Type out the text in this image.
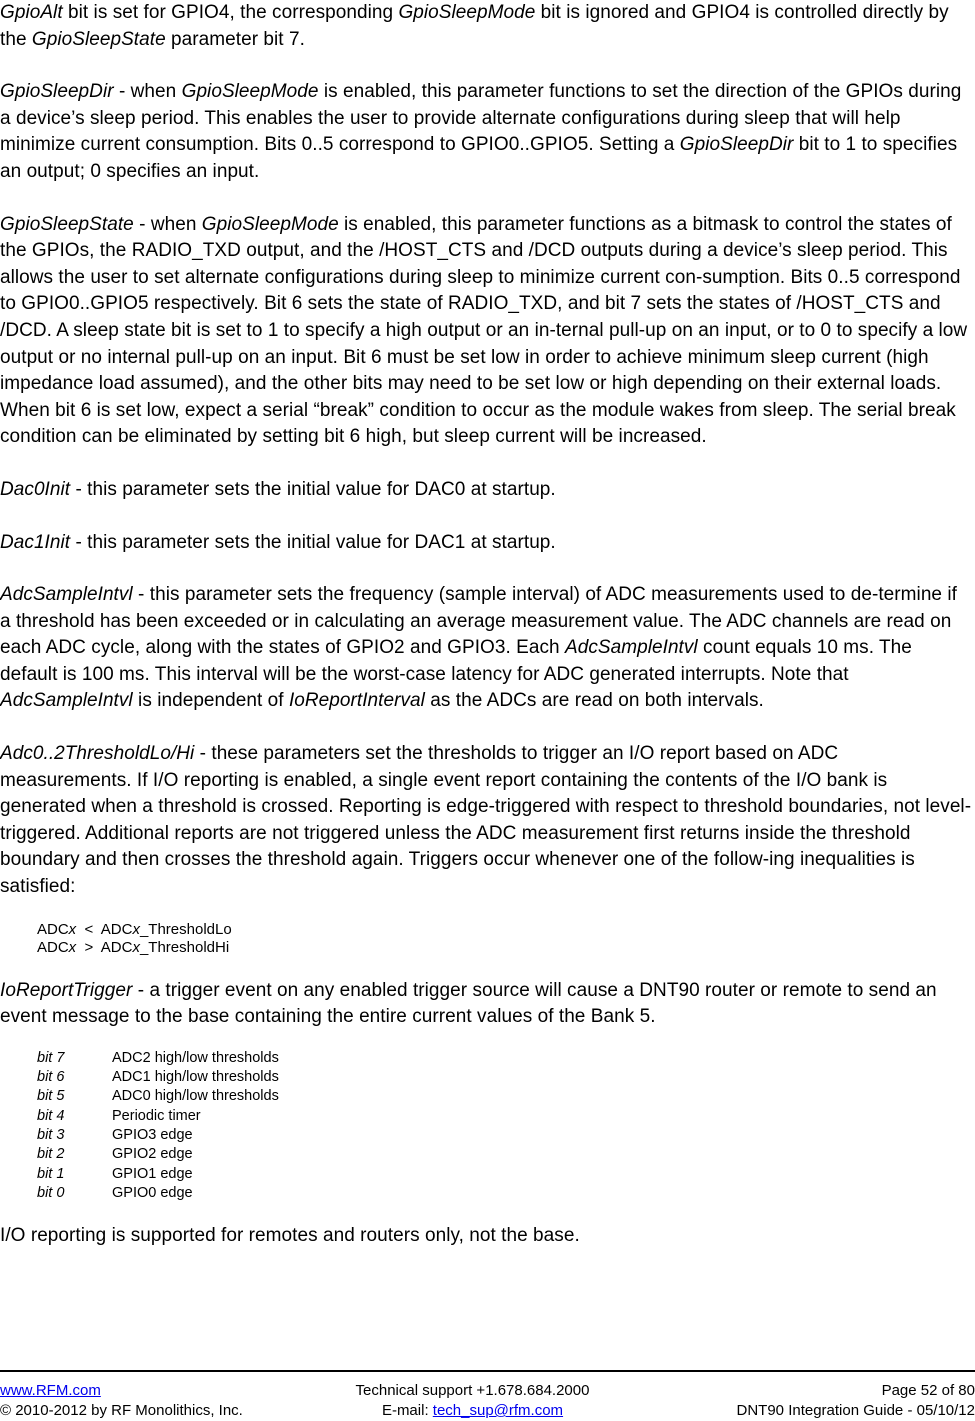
GpioAlt bit is set for GPIO4, the corresponding GpioSleepMode bit is ignored and GPIO4 is controlled directly by the GpioSleepState parameter bit 7.

GpioSleepDir - when GpioSleepMode is enabled, this parameter functions to set the direction of the GPIOs during a device’s sleep period. This enables the user to provide alternate configurations during sleep that will help minimize current consumption. Bits 0..5 correspond to GPIO0..GPIO5. Setting a GpioSleepDir bit to 1 to specifies an output; 0 specifies an input.

GpioSleepState - when GpioSleepMode is enabled, this parameter functions as a bitmask to control the states of the GPIOs, the RADIO_TXD output, and the /HOST_CTS and /DCD outputs during a device’s sleep period. This allows the user to set alternate configurations during sleep to minimize current con-sumption. Bits 0..5 correspond to GPIO0..GPIO5 respectively. Bit 6 sets the state of RADIO_TXD, and bit 7 sets the states of /HOST_CTS and /DCD. A sleep state bit is set to 1 to specify a high output or an in-ternal pull-up on an input, or to 0 to specify a low output or no internal pull-up on an input. Bit 6 must be set low in order to achieve minimum sleep current (high impedance load assumed), and the other bits may need to be set low or high depending on their external loads. When bit 6 is set low, expect a serial “break” condition to occur as the module wakes from sleep. The serial break condition can be eliminated by setting bit 6 high, but sleep current will be increased.

Dac0Init - this parameter sets the initial value for DAC0 at startup.

Dac1Init - this parameter sets the initial value for DAC1 at startup.

AdcSampleIntvl - this parameter sets the frequency (sample interval) of ADC measurements used to de-termine if a threshold has been exceeded or in calculating an average measurement value. The ADC channels are read on each ADC cycle, along with the states of GPIO2 and GPIO3. Each AdcSampleIntvl count equals 10 ms. The default is 100 ms. This interval will be the worst-case latency for ADC generated interrupts. Note that AdcSampleIntvl is independent of IoReportInterval as the ADCs are read on both intervals.

Adc0..2ThresholdLo/Hi - these parameters set the thresholds to trigger an I/O report based on ADC measurements. If I/O reporting is enabled, a single event report containing the contents of the I/O bank is generated when a threshold is crossed. Reporting is edge-triggered with respect to threshold boundaries, not level-triggered. Additional reports are not triggered unless the ADC measurement first returns inside the threshold boundary and then crosses the threshold again. Triggers occur whenever one of the follow-ing inequalities is satisfied:

ADCx  <  ADCx_ThresholdLo
ADCx  >  ADCx_ThresholdHi

IoReportTrigger - a trigger event on any enabled trigger source will cause a DNT90 router or remote to send an event message to the base containing the entire current values of the Bank 5.

bit 7	ADC2 high/low thresholds
bit 6	ADC1 high/low thresholds
bit 5	ADC0 high/low thresholds
bit 4	Periodic timer
bit 3	GPIO3 edge
bit 2	GPIO2 edge
bit 1	GPIO1 edge
bit 0	GPIO0 edge

I/O reporting is supported for remotes and routers only, not the base.

www.RFM.com	Technical support +1.678.684.2000	Page 52 of 80
© 2010-2012 by RF Monolithics, Inc.	E-mail: tech_sup@rfm.com	DNT90 Integration Guide - 05/10/12
